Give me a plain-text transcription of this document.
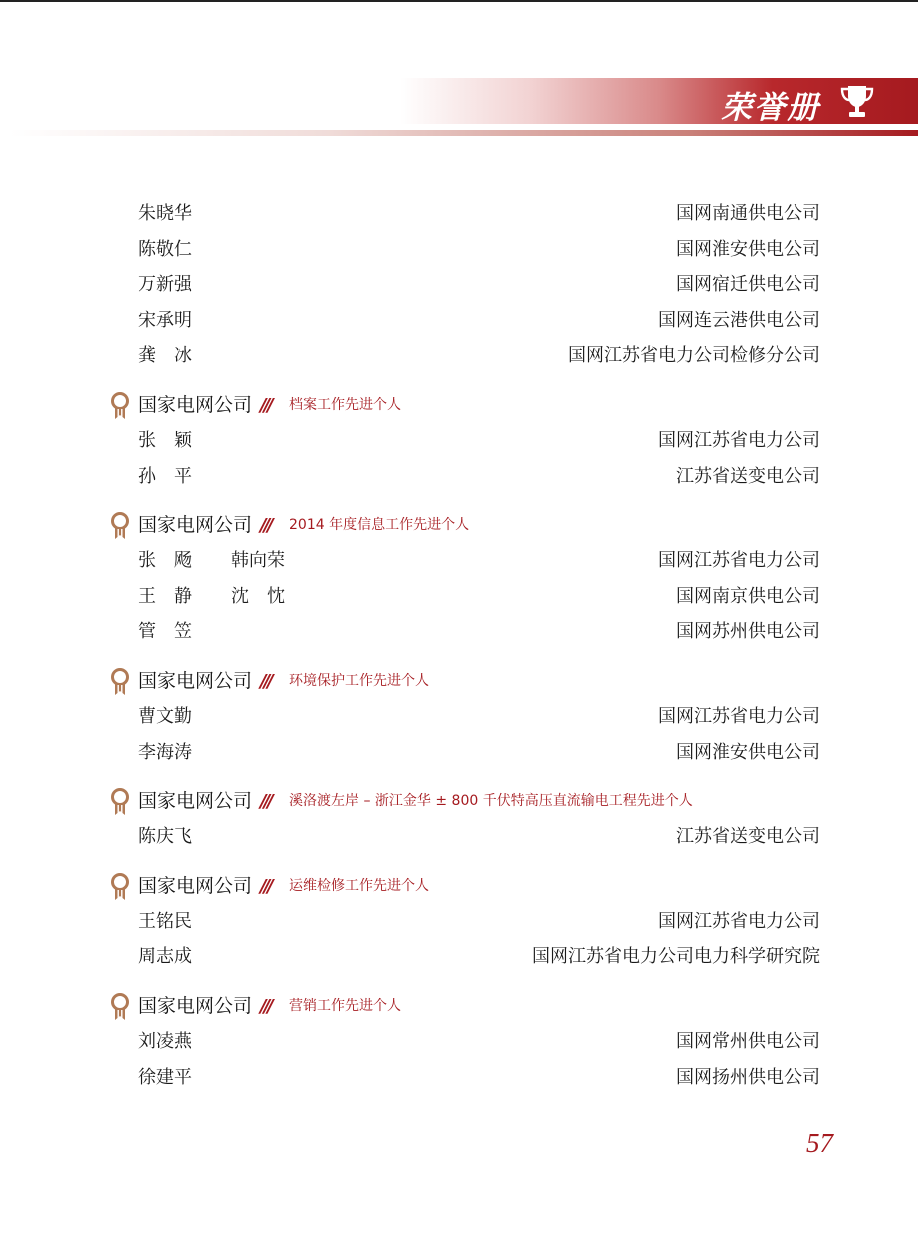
荣誉册
朱晓华	国网南通供电公司
陈敬仁	国网淮安供电公司
万新强	国网宿迁供电公司
宋承明	国网连云港供电公司
龚　冰	国网江苏省电力公司检修分公司
国家电网公司 /// 档案工作先进个人
张　颖	国网江苏省电力公司
孙　平	江苏省送变电公司
国家电网公司 /// 2014 年度信息工作先进个人
张　飏 韩向荣	国网江苏省电力公司
王　静 沈　忱	国网南京供电公司
管　笠	国网苏州供电公司
国家电网公司 /// 环境保护工作先进个人
曹文勤	国网江苏省电力公司
李海涛	国网淮安供电公司
国家电网公司 /// 溪洛渡左岸 – 浙江金华 ± 800 千伏特高压直流输电工程先进个人
陈庆飞	江苏省送变电公司
国家电网公司 /// 运维检修工作先进个人
王铭民	国网江苏省电力公司
周志成	国网江苏省电力公司电力科学研究院
国家电网公司 /// 营销工作先进个人
刘凌燕	国网常州供电公司
徐建平	国网扬州供电公司
57
